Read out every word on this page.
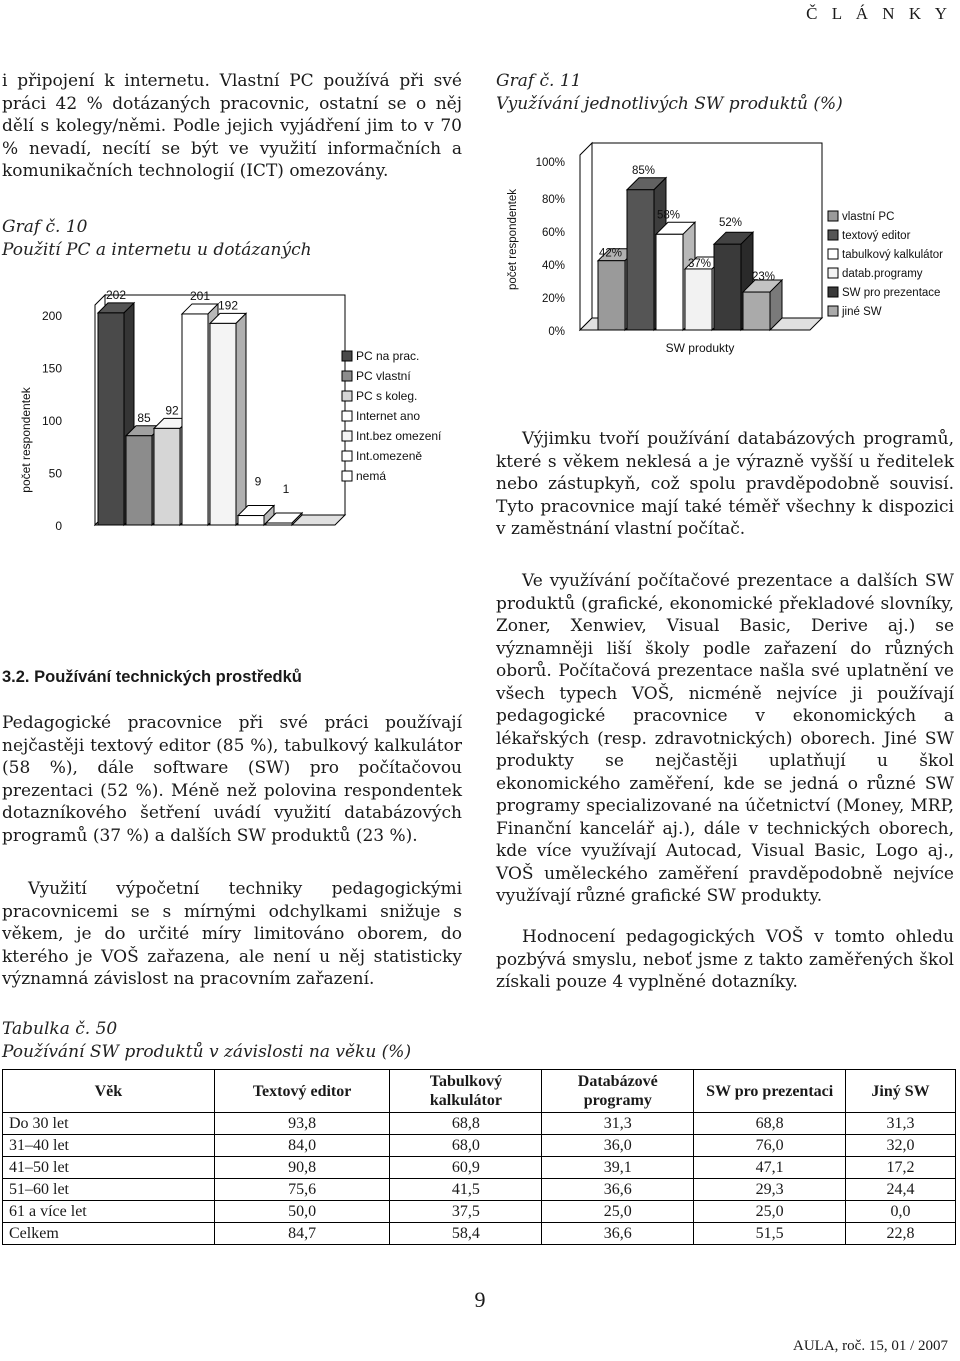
Č L Á N K Y
i připojení k internetu. Vlastní PC používá při své práci 42 % dotázaných pracovnic, ostatní se o něj dělí s kolegy/němi. Podle jejich vyjádření jim to v 70 % nevadí, necítí se být ve využití informačních a komunikačních technologií (ICT) omezovány.
Graf č. 10
Použití PC a internetu u dotázaných
0
50
100
150
200
počet respondentek
202
85
92
201
192
9
1
PC na prac.
PC vlastní
PC s koleg.
Internet ano
Int.bez omezení
Int.omezeně
nemá
Graf č. 11
Využívání jednotlivých SW produktů (%)
0%
20%
40%
60%
80%
100%
počet respondentek	42%
85%
58%
37%
52%
23%
SW produkty
vlastní PC
textový editor
tabulkový kalkulátor
datab.programy
SW pro prezentace
jiné SW
Výjimku tvoří používání databázových programů, které s věkem neklesá a je výrazně vyšší u ředitelek nebo zástupkyň, což spolu pravděpodobně souvisí. Tyto pracovnice mají také téměř všechny k dispozici v zaměstnání vlastní počítač.
Ve využívání počítačové prezentace a dalších SW produktů (grafické, ekonomické překladové slovníky, Zoner, Xenwiev, Visual Basic, Derive aj.) se významněji liší školy podle zařazení do různých oborů. Počítačová prezentace našla své uplatnění ve všech typech VOŠ, nicméně nejvíce ji používají pedagogické pracovnice v ekonomických a lékařských (resp. zdravotnických) oborech. Jiné SW produkty se nejčastěji uplatňují u škol ekonomického zaměření, kde se jedná o různé SW programy specializované na účetnictví (Money, MRP, Finanční kancelář aj.), dále v technických oborech, kde více využívají Autocad, Visual Basic, Logo aj., VOŠ uměleckého zaměření pravděpodobně nejvíce využívají různé grafické SW produkty.
Hodnocení pedagogických VOŠ v tomto ohledu pozbývá smyslu, neboť jsme z takto zaměřených škol získali pouze 4 vyplněné dotazníky.
3.2. Používání technických prostředků
Pedagogické pracovnice při své práci používají nejčastěji textový editor (85 %), tabulkový kalkulátor (58 %), dále software (SW) pro počítačovou prezentaci (52 %). Méně než polovina respondentek dotazníkového šetření uvádí využití databázových programů (37 %) a dalších SW produktů (23 %).
Využití výpočetní techniky pedagogickými pracovnicemi se s mírnými odchylkami snižuje s věkem, je do určité míry limitováno oborem, do kterého je VOŠ zařazena, ale není u něj statisticky významná závislost na pracovním zařazení.
Tabulka č. 50
Používání SW produktů v závislosti na věku (%)
Věk	Textový editor	Tabulkový kalkulátor	Databázové programy	SW pro prezentaci	Jiný SW
Do 30 let	93,8	68,8	31,3	68,8	31,3
31–40 let	84,0	68,0	36,0	76,0	32,0
41–50 let	90,8	60,9	39,1	47,1	17,2
51–60 let	75,6	41,5	36,6	29,3	24,4
61 a více let	50,0	37,5	25,0	25,0	0,0
Celkem	84,7	58,4	36,6	51,5	22,8
9
AULA, roč. 15, 01 / 2007
